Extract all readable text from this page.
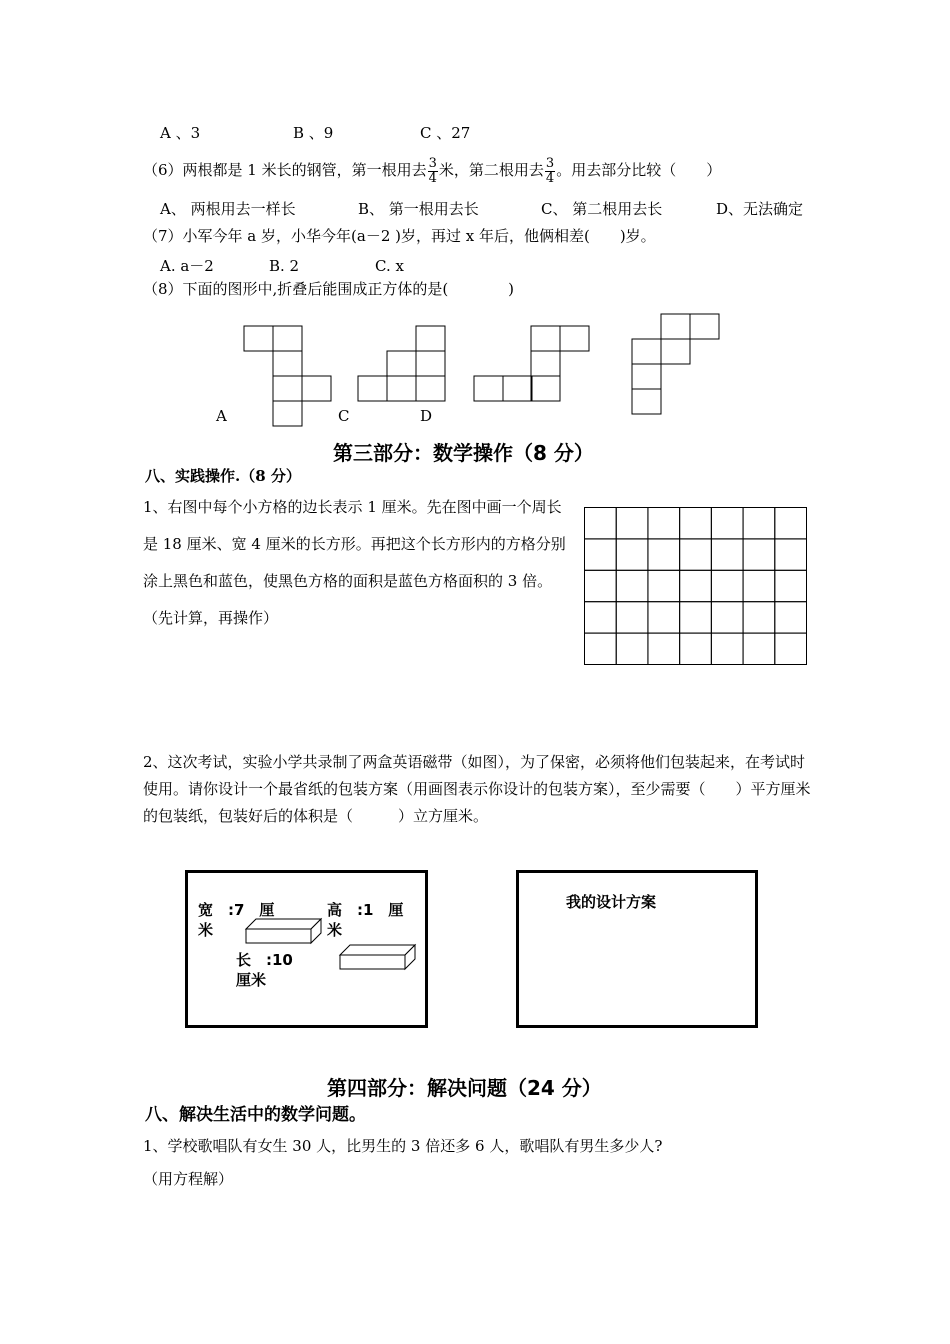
A 、3	B 、9	C 、27
（6）两根都是 1 米长的钢管，第一根用去 $\frac{3}{4}$ 米，第二根用去 $\frac{3}{4}$ 。用去部分比较（　　）
A、 两根用去一样长	B、 第一根用去长	C、 第二根用去长	D、无法确定
（7）小军今年 a 岁，小华今年(a－2 )岁，再过 x 年后，他俩相差(　　)岁。
A. a－2	B. 2	C. x
（8）下面的图形中,折叠后能围成正方体的是(　　　　)
A	C	D
第三部分：数学操作（8 分）
八、实践操作.（8 分）
1、右图中每个小方格的边长表示 1 厘米。先在图中画一个周长是 18 厘米、宽 4 厘米的长方形。再把这个长方形内的方格分别涂上黑色和蓝色，使黑色方格的面积是蓝色方格面积的 3 倍。（先计算，再操作）
2、这次考试，实验小学共录制了两盒英语磁带（如图），为了保密，必须将他们包装起来，在考试时使用。请你设计一个最省纸的包装方案（用画图表示你设计的包装方案），至少需要（　　）平方厘米的包装纸，包装好后的体积是（　　　）立方厘米。
宽　:7　厘米
高　:1　厘米
长　:10　厘米
我的设计方案
第四部分：解决问题（24 分）
八、解决生活中的数学问题。
1、学校歌唱队有女生 30 人，比男生的 3 倍还多 6 人，歌唱队有男生多少人?
（用方程解）
